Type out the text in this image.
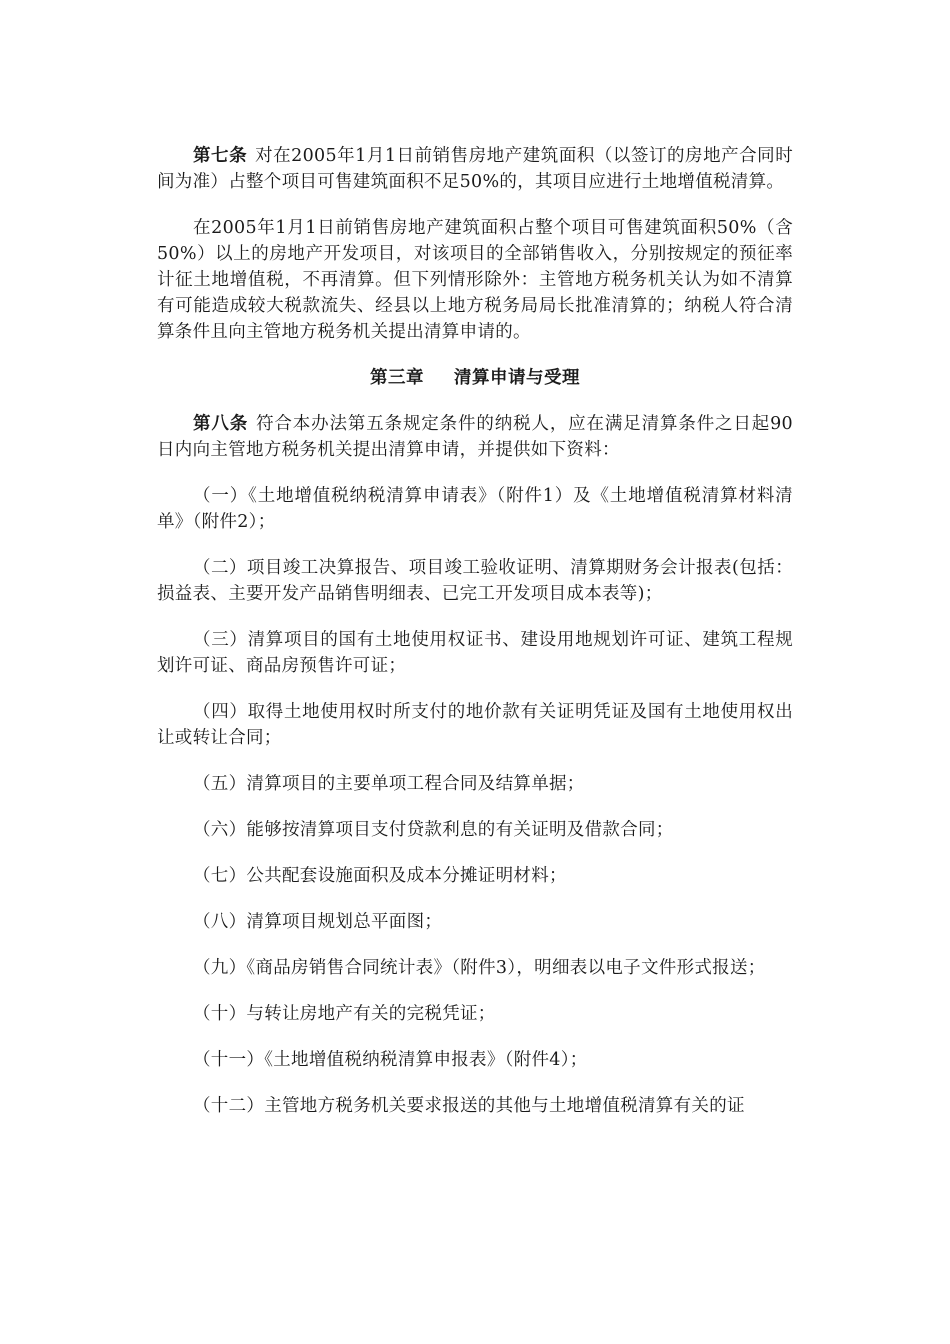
第七条 对在2005年1月1日前销售房地产建筑面积（以签订的房地产合同时间为准）占整个项目可售建筑面积不足50%的，其项目应进行土地增值税清算。

在2005年1月1日前销售房地产建筑面积占整个项目可售建筑面积50%（含50%）以上的房地产开发项目，对该项目的全部销售收入，分别按规定的预征率计征土地增值税，不再清算。但下列情形除外：主管地方税务机关认为如不清算有可能造成较大税款流失、经县以上地方税务局局长批准清算的；纳税人符合清算条件且向主管地方税务机关提出清算申请的。

第三章 清算申请与受理

第八条 符合本办法第五条规定条件的纳税人，应在满足清算条件之日起90日内向主管地方税务机关提出清算申请，并提供如下资料：

（一）《土地增值税纳税清算申请表》（附件1）及《土地增值税清算材料清单》（附件2）；

（二）项目竣工决算报告、项目竣工验收证明、清算期财务会计报表(包括：损益表、主要开发产品销售明细表、已完工开发项目成本表等)；

（三）清算项目的国有土地使用权证书、建设用地规划许可证、建筑工程规划许可证、商品房预售许可证；

（四）取得土地使用权时所支付的地价款有关证明凭证及国有土地使用权出让或转让合同；

（五）清算项目的主要单项工程合同及结算单据；

（六）能够按清算项目支付贷款利息的有关证明及借款合同；

（七）公共配套设施面积及成本分摊证明材料；

（八）清算项目规划总平面图；

（九）《商品房销售合同统计表》（附件3），明细表以电子文件形式报送；

（十）与转让房地产有关的完税凭证；

（十一）《土地增值税纳税清算申报表》（附件4）；

（十二）主管地方税务机关要求报送的其他与土地增值税清算有关的证
